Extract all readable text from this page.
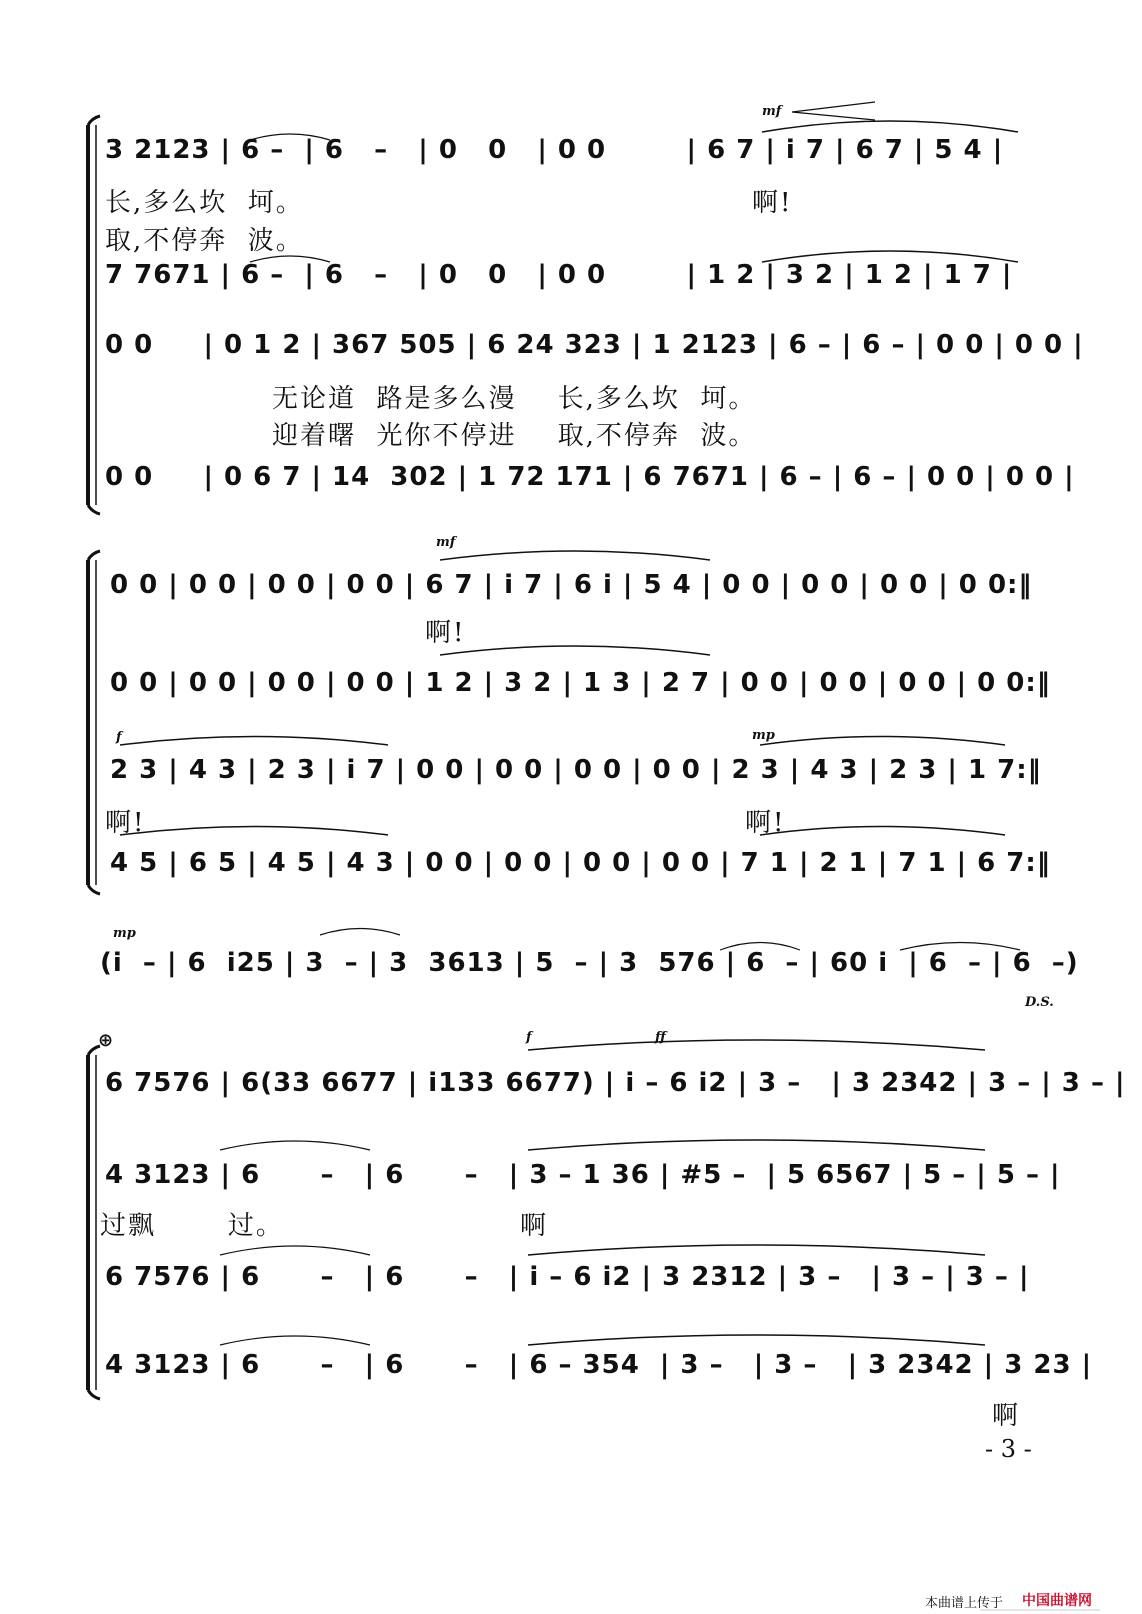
mf
3 2123 | 6 –  | 6   –   | 0   0   | 0 0        | 6 7 | i 7 | 6 7 | 5 4 |
长,多么坎  坷。	啊!
取,不停奔  波。
7 7671 | 6 –  | 6   –   | 0   0   | 0 0        | 1 2 | 3 2 | 1 2 | 1 7 |
0 0     | 0 1 2 | 367 505 | 6 24 323 | 1 2123 | 6 – | 6 – | 0 0 | 0 0 |
无论道  路是多么漫    长,多么坎  坷。
迎着曙  光你不停进    取,不停奔  波。
0 0     | 0 6 7 | 14  302 | 1 72 171 | 6 7671 | 6 – | 6 – | 0 0 | 0 0 |
mf
0 0 | 0 0 | 0 0 | 0 0 | 6 7 | i 7 | 6 i | 5 4 | 0 0 | 0 0 | 0 0 | 0 0:‖
啊!
0 0 | 0 0 | 0 0 | 0 0 | 1 2 | 3 2 | 1 3 | 2 7 | 0 0 | 0 0 | 0 0 | 0 0:‖
f	mp
2 3 | 4 3 | 2 3 | i 7 | 0 0 | 0 0 | 0 0 | 0 0 | 2 3 | 4 3 | 2 3 | 1 7:‖
啊!	啊!
4 5 | 6 5 | 4 5 | 4 3 | 0 0 | 0 0 | 0 0 | 0 0 | 7 1 | 2 1 | 7 1 | 6 7:‖
mp
(i  – | 6  i25 | 3  – | 3  3613 | 5  – | 3  576 | 6  – | 60 i  | 6  – | 6  –)
D.S.
⊕	f	ff
6 7576 | 6(33 6677 | i133 6677) | i – 6 i2 | 3 –   | 3 2342 | 3 – | 3 – |
4 3123 | 6      –   | 6      –   | 3 – 1 36 | #5 –  | 5 6567 | 5 – | 5 – |
过飘       过。	啊
6 7576 | 6      –   | 6      –   | i – 6 i2 | 3 2312 | 3 –   | 3 – | 3 – |
4 3123 | 6      –   | 6      –   | 6 – 354  | 3 –   | 3 –   | 3 2342 | 3 23 |
啊
- 3 -
本曲谱上传于 中国曲谱网
